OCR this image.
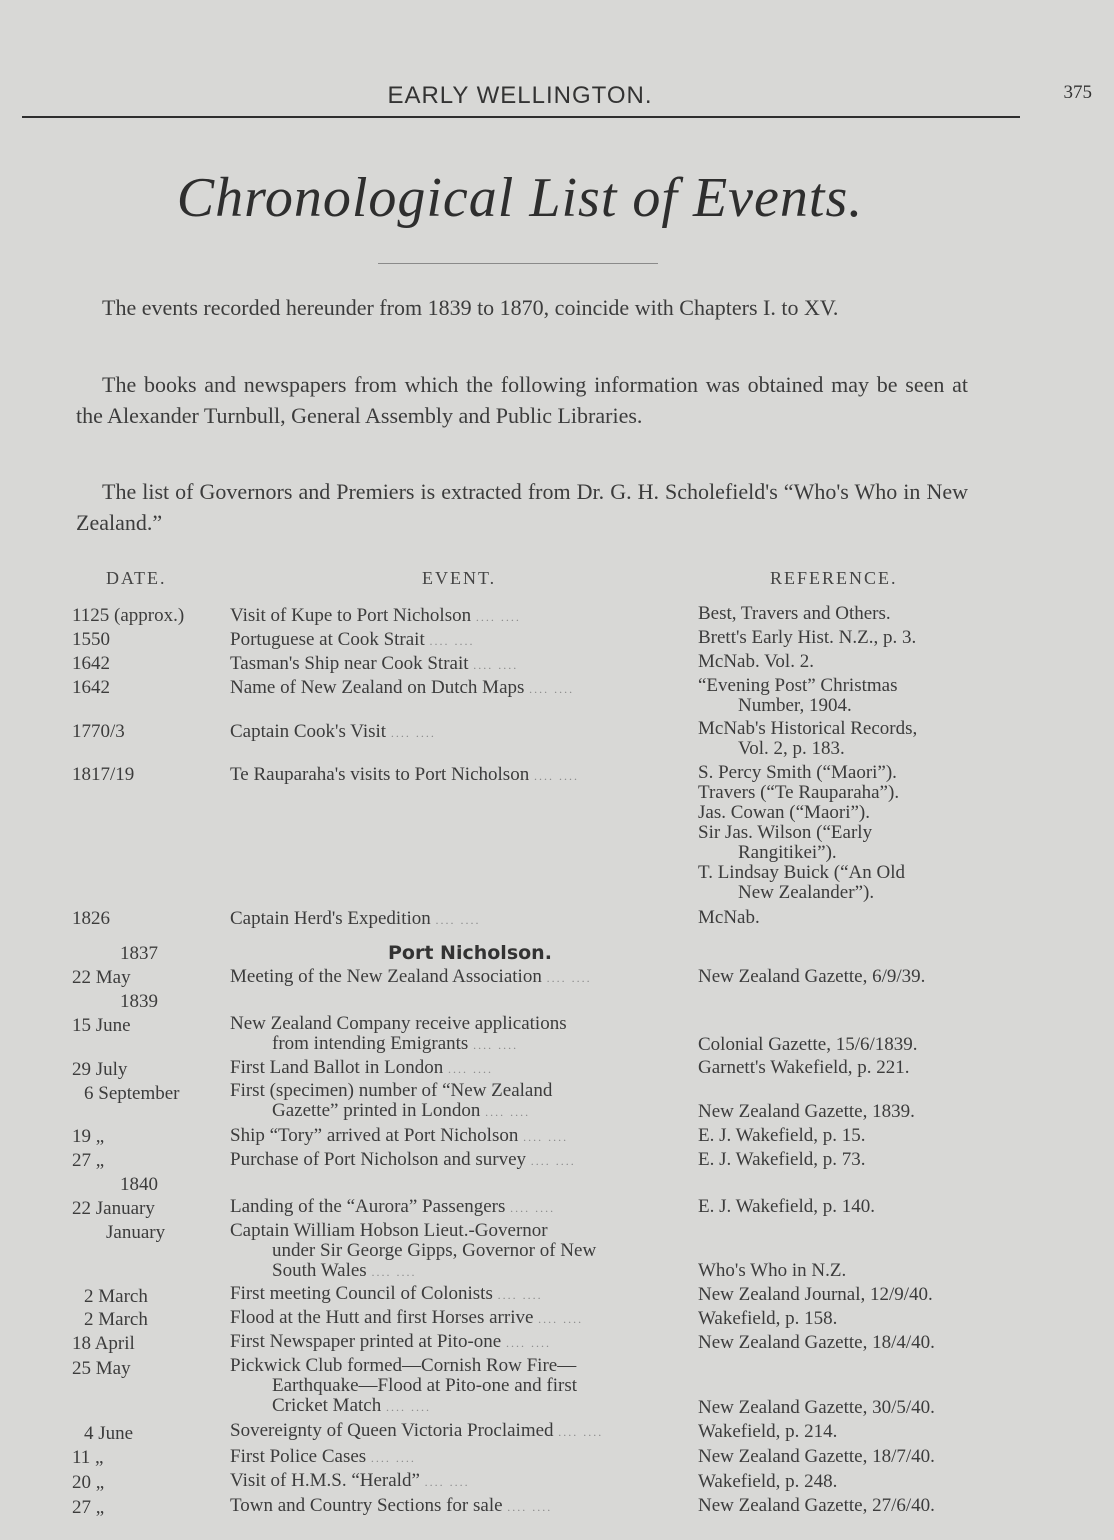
EARLY WELLINGTON.	375
Chronological List of Events.
The events recorded hereunder from 1839 to 1870, coincide with Chapters I. to XV.
The books and newspapers from which the following information was obtained may be seen at the Alexander Turnbull, General Assembly and Public Libraries.
The list of Governors and Premiers is extracted from Dr. G. H. Scholefield's “Who's Who in New Zealand.”
DATE.	EVENT.	REFERENCE.
1125 (approx.) Visit of Kupe to Port Nicholson .... ....	Best, Travers and Others.
1550	Portuguese at Cook Strait .... ....	Brett's Early Hist. N.Z., p. 3.
1642	Tasman's Ship near Cook Strait .... ....	McNab. Vol. 2.
1642	Name of New Zealand on Dutch Maps .... ....	“Evening Post” Christmas
Number, 1904.
1770/3	Captain Cook's Visit .... ....	McNab's Historical Records,
Vol. 2, p. 183.
1817/19	Te Rauparaha's visits to Port Nicholson .... ....	S. Percy Smith (“Maori”).
Travers (“Te Rauparaha”).
Jas. Cowan (“Maori”).
Sir Jas. Wilson (“Early
Rangitikei”).
T. Lindsay Buick (“An Old
New Zealander”).
1826	Captain Herd's Expedition .... ....	McNab.
Port Nicholson.
1837
22 May	Meeting of the New Zealand Association .... ....	New Zealand Gazette, 6/9/39.
1839
15 June	New Zealand Company receive applications
from intending Emigrants .... ....	Colonial Gazette, 15/6/1839.
29 July	First Land Ballot in London .... ....	Garnett's Wakefield, p. 221.
6 September	First (specimen) number of “New Zealand
Gazette” printed in London .... ....	New Zealand Gazette, 1839.
19 „	Ship “Tory” arrived at Port Nicholson .... ....	E. J. Wakefield, p. 15.
27 „	Purchase of Port Nicholson and survey .... ....	E. J. Wakefield, p. 73.
1840
22 January	Landing of the “Aurora” Passengers .... ....	E. J. Wakefield, p. 140.
January	Captain William Hobson Lieut.-Governor
under Sir George Gipps, Governor of New
South Wales .... ....	Who's Who in N.Z.
2 March	First meeting Council of Colonists .... ....	New Zealand Journal, 12/9/40.
2 March	Flood at the Hutt and first Horses arrive .... ....	Wakefield, p. 158.
18 April	First Newspaper printed at Pito-one .... ....	New Zealand Gazette, 18/4/40.
25 May	Pickwick Club formed—Cornish Row Fire—
Earthquake—Flood at Pito-one and first
Cricket Match .... ....	New Zealand Gazette, 30/5/40.
4 June	Sovereignty of Queen Victoria Proclaimed .... ....	Wakefield, p. 214.
11 „	First Police Cases .... ....	New Zealand Gazette, 18/7/40.
20 „	Visit of H.M.S. “Herald” .... ....	Wakefield, p. 248.
27 „	Town and Country Sections for sale .... ....	New Zealand Gazette, 27/6/40.
